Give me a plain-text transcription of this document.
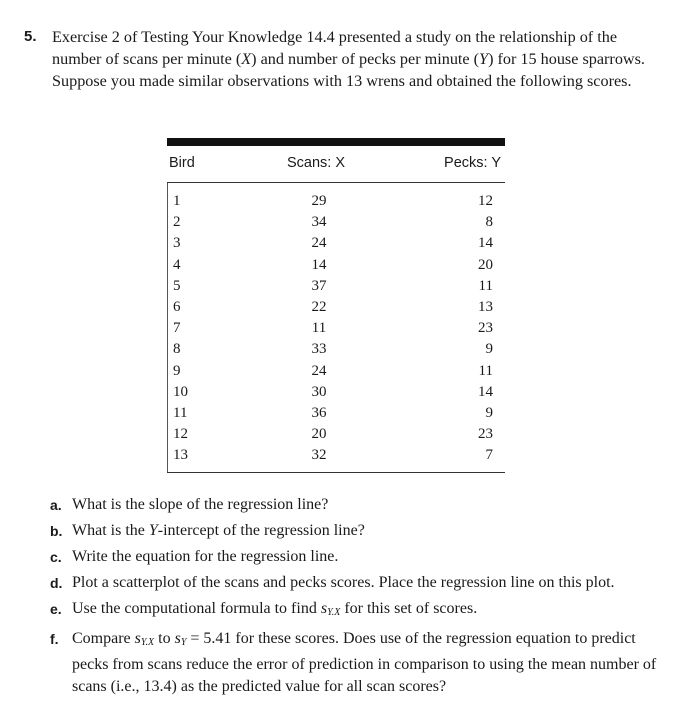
5. Exercise 2 of Testing Your Knowledge 14.4 presented a study on the relationship of the number of scans per minute (X) and number of pecks per minute (Y) for 15 house sparrows. Suppose you made similar observations with 13 wrens and obtained the following scores.
Bird	Scans: X	Pecks: Y
1	29	12
2	34	8
3	24	14
4	14	20
5	37	11
6	22	13
7	11	23
8	33	9
9	24	11
10	30	14
11	36	9
12	20	23
13	32	7
a. What is the slope of the regression line?
b. What is the Y-intercept of the regression line?
c. Write the equation for the regression line.
d. Plot a scatterplot of the scans and pecks scores. Place the regression line on this plot.
e. Use the computational formula to find $s_{Y.X}$ for this set of scores.
f. Compare $s_{Y.X}$ to $s_Y = 5.41$ for these scores. Does use of the regression equation to predict pecks from scans reduce the error of prediction in comparison to using the mean number of scans (i.e., 13.4) as the predicted value for all scan scores?
